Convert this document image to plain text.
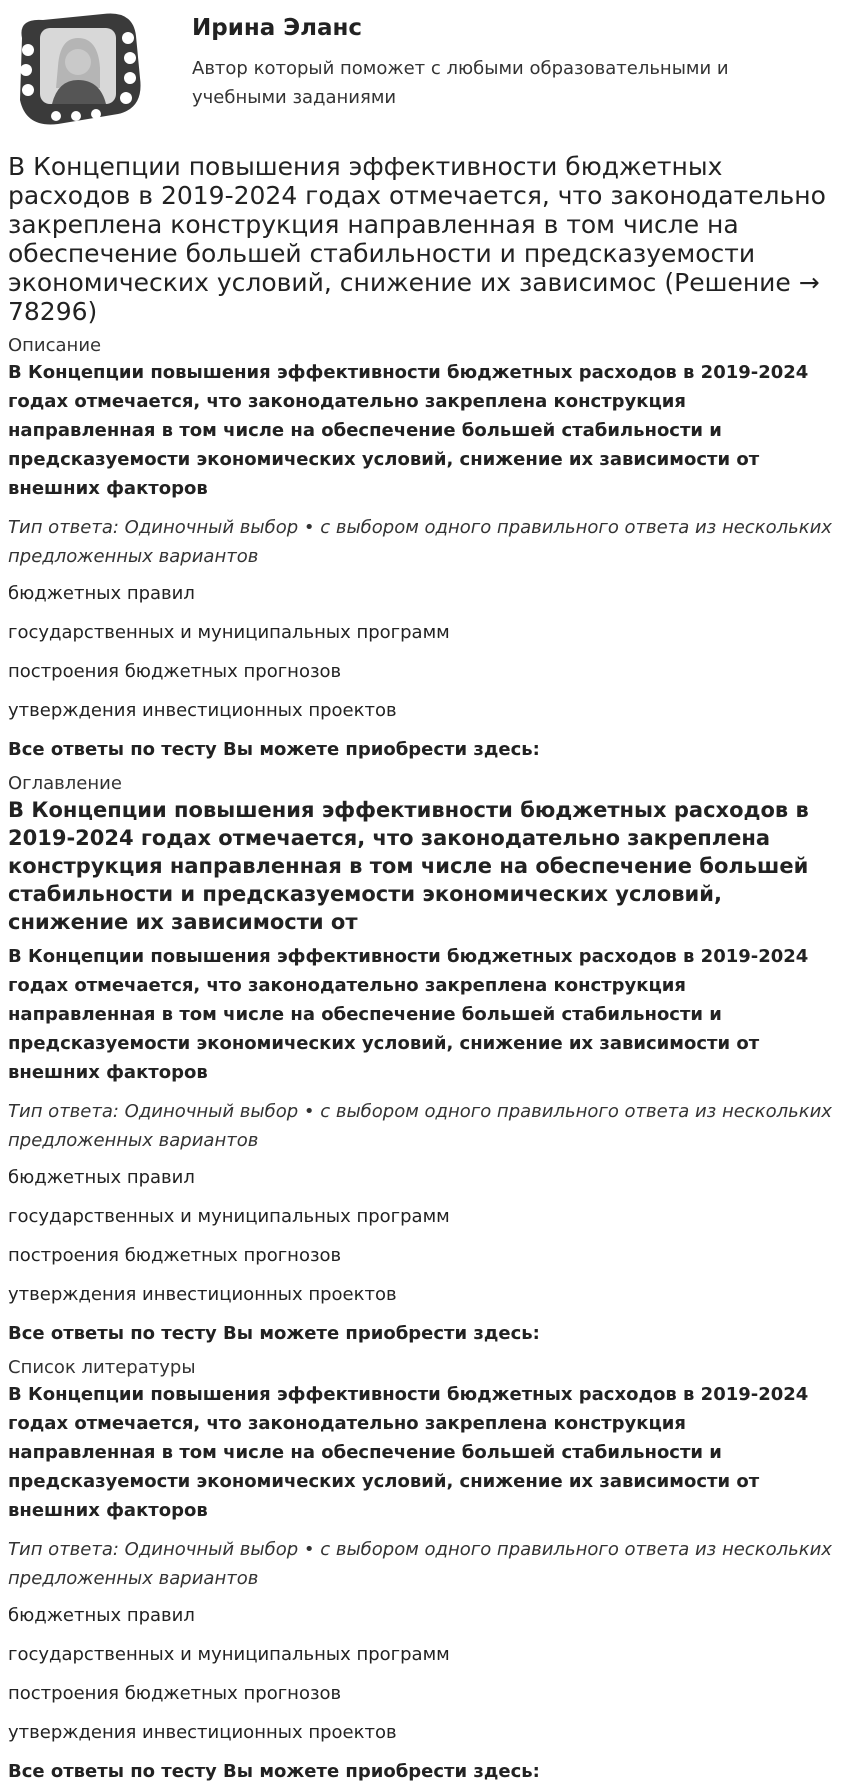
Ирина Эланс
Автор который поможет с любыми образовательными и учебными заданиями
В Концепции повышения эффективности бюджетных расходов в 2019-2024 годах отмечается, что законодательно закреплена конструкция направленная в том числе на обеспечение большей стабильности и предсказуемости экономических условий, снижение их зависимос (Решение → 78296)
Описание
В Концепции повышения эффективности бюджетных расходов в 2019-2024 годах отмечается, что законодательно закреплена конструкция направленная в том числе на обеспечение большей стабильности и предсказуемости экономических условий, снижение их зависимости от внешних факторов
Тип ответа: Одиночный выбор • с выбором одного правильного ответа из нескольких предложенных вариантов
бюджетных правил
государственных и муниципальных программ
построения бюджетных прогнозов
утверждения инвестиционных проектов
Все ответы по тесту Вы можете приобрести здесь:
Оглавление
В Концепции повышения эффективности бюджетных расходов в 2019-2024 годах отмечается, что законодательно закреплена конструкция направленная в том числе на обеспечение большей стабильности и предсказуемости экономических условий, снижение их зависимости от
В Концепции повышения эффективности бюджетных расходов в 2019-2024 годах отмечается, что законодательно закреплена конструкция направленная в том числе на обеспечение большей стабильности и предсказуемости экономических условий, снижение их зависимости от внешних факторов
Тип ответа: Одиночный выбор • с выбором одного правильного ответа из нескольких предложенных вариантов
бюджетных правил
государственных и муниципальных программ
построения бюджетных прогнозов
утверждения инвестиционных проектов
Все ответы по тесту Вы можете приобрести здесь:
Список литературы
В Концепции повышения эффективности бюджетных расходов в 2019-2024 годах отмечается, что законодательно закреплена конструкция направленная в том числе на обеспечение большей стабильности и предсказуемости экономических условий, снижение их зависимости от внешних факторов
Тип ответа: Одиночный выбор • с выбором одного правильного ответа из нескольких предложенных вариантов
бюджетных правил
государственных и муниципальных программ
построения бюджетных прогнозов
утверждения инвестиционных проектов
Все ответы по тесту Вы можете приобрести здесь:
